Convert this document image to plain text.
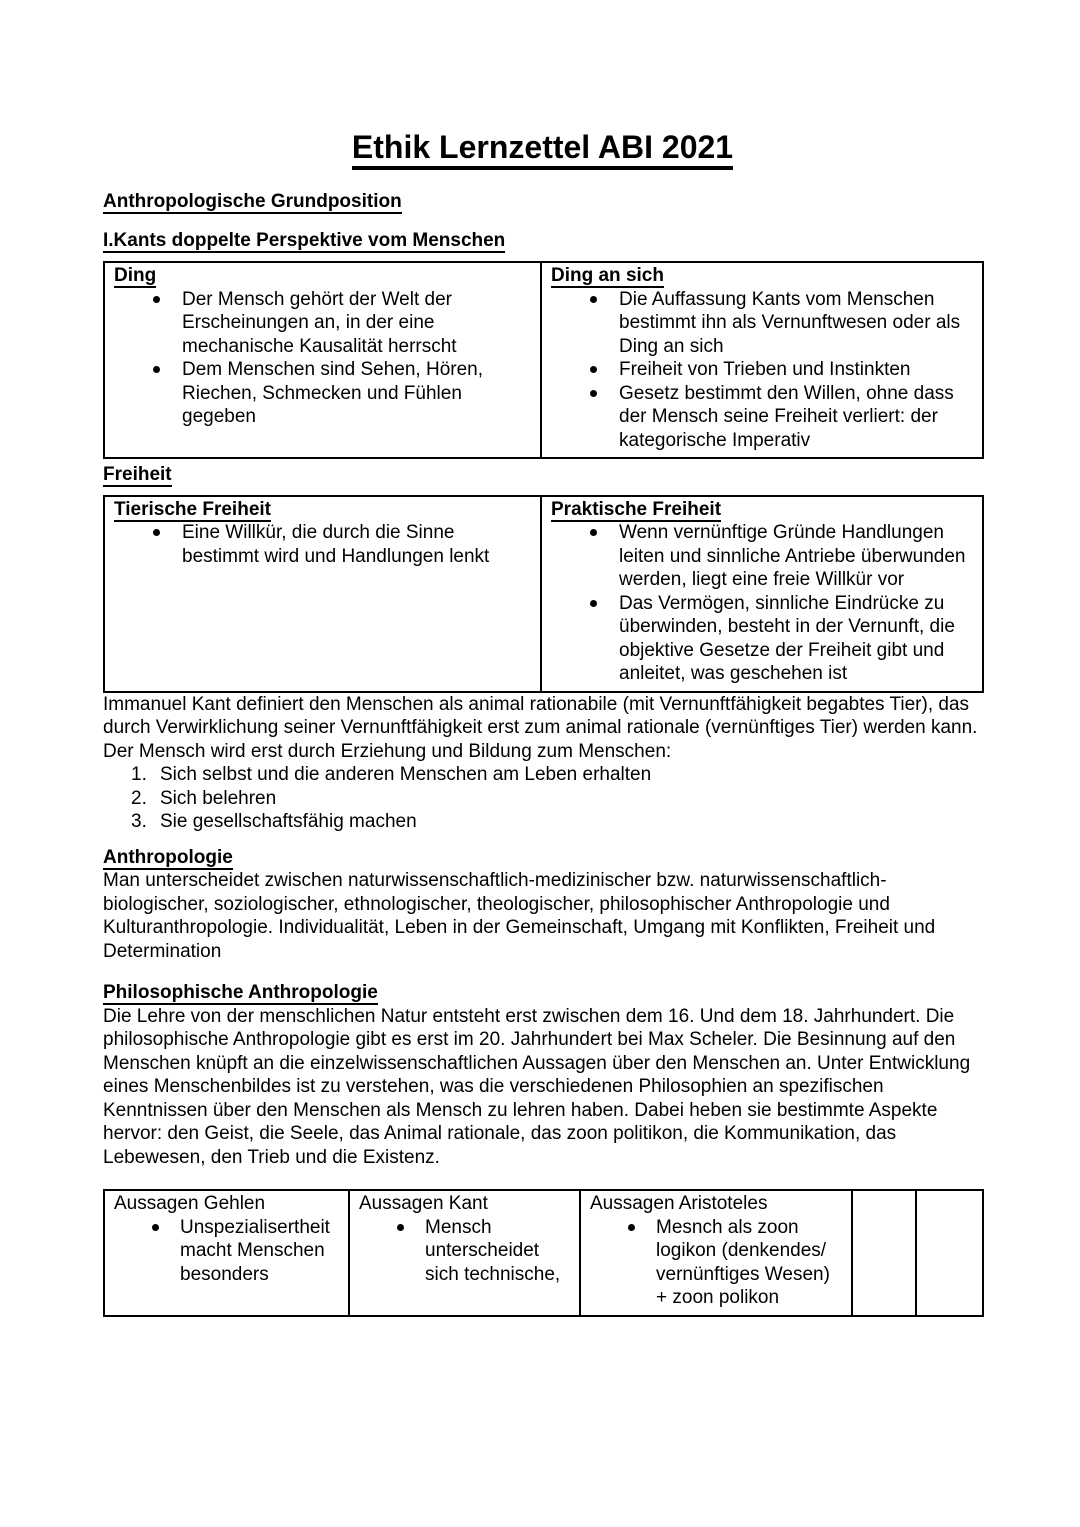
Ethik Lernzettel ABI 2021
Anthropologische Grundposition
I.Kants doppelte Perspektive vom Menschen
Ding
Der Mensch gehört der Welt der Erscheinungen an, in der eine mechanische Kausalität herrscht
Dem Menschen sind Sehen, Hören, Riechen, Schmecken und Fühlen gegeben

Ding an sich
Die Auffassung Kants vom Menschen bestimmt ihn als Vernunftwesen oder als Ding an sich
Freiheit von Trieben und Instinkten
Gesetz bestimmt den Willen, ohne dass der Mensch seine Freiheit verliert: der kategorische Imperativ
Freiheit
Tierische Freiheit
Eine Willkür, die durch die Sinne bestimmt wird und Handlungen lenkt

Praktische Freiheit
Wenn vernünftige Gründe Handlungen leiten und sinnliche Antriebe überwunden werden, liegt eine freie Willkür vor
Das Vermögen, sinnliche Eindrücke zu überwinden, besteht in der Vernunft, die objektive Gesetze der Freiheit gibt und anleitet, was geschehen ist

Immanuel Kant definiert den Menschen als animal rationabile (mit Vernunftfähigkeit begabtes Tier), das durch Verwirklichung seiner Vernunftfähigkeit erst zum animal rationale (vernünftiges Tier) werden kann. Der Mensch wird erst durch Erziehung und Bildung zum Menschen:

Sich selbst und die anderen Menschen am Leben erhalten
Sich belehren
Sie gesellschaftsfähig machen
Anthropologie

Man unterscheidet zwischen naturwissenschaftlich-medizinischer bzw. naturwissenschaftlich-biologischer, soziologischer, ethnologischer, theologischer, philosophischer Anthropologie und Kulturanthropologie. Individualität, Leben in der Gemeinschaft, Umgang mit Konflikten, Freiheit und Determination

Philosophische Anthropologie

Die Lehre von der menschlichen Natur entsteht erst zwischen dem 16. Und dem 18. Jahrhundert. Die philosophische Anthropologie gibt es erst im 20. Jahrhundert bei Max Scheler. Die Besinnung auf den Menschen knüpft an die einzelwissenschaftlichen Aussagen über den Menschen an. Unter Entwicklung eines Menschenbildes ist zu verstehen, was die verschiedenen Philosophien an spezifischen Kenntnissen über den Menschen als Mensch zu lehren haben. Dabei heben sie bestimmte Aspekte hervor: den Geist, die Seele, das Animal rationale, das zoon politikon, die Kommunikation, das Lebewesen, den Trieb und die Existenz.

Aussagen Gehlen
Unspezialisertheit macht Menschen besonders

Aussagen Kant
Mensch unterscheidet sich technische,

Aussagen Aristoteles
Mesnch als zoon logikon (denkendes/ vernünftiges Wesen) + zoon polikon
